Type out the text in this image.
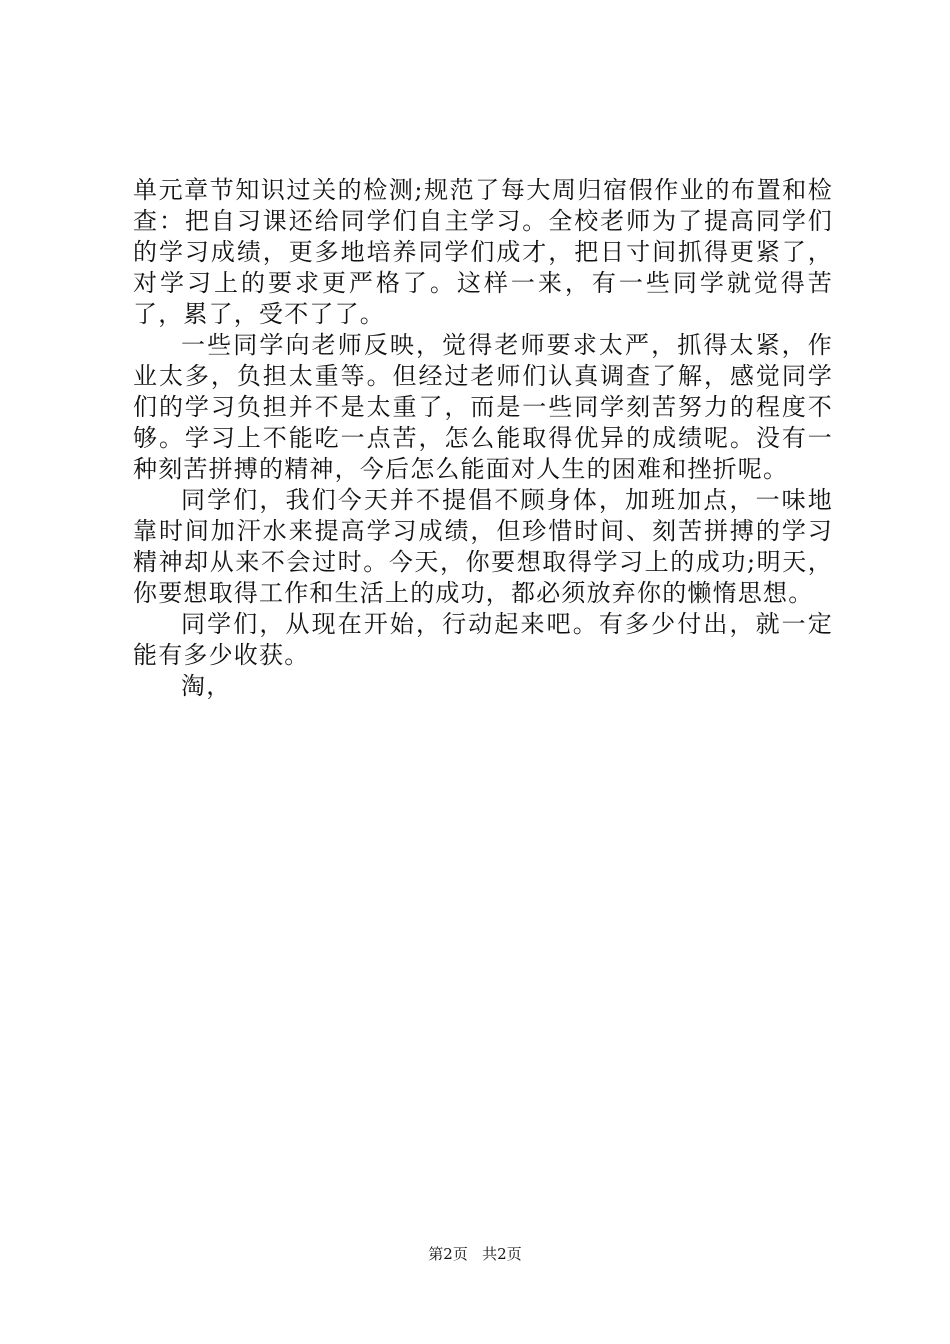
单元章节知识过关的检测;规范了每大周归宿假作业的布置和检查：把自习课还给同学们自主学习。全校老师为了提高同学们的学习成绩，更多地培养同学们成才，把日寸间抓得更紧了，对学习上的要求更严格了。这样一来，有一些同学就觉得苦了，累了，受不了了。

一些同学向老师反映，觉得老师要求太严，抓得太紧，作业太多，负担太重等。但经过老师们认真调查了解，感觉同学们的学习负担并不是太重了，而是一些同学刻苦努力的程度不够。学习上不能吃一点苦，怎么能取得优异的成绩呢。没有一种刻苦拼搏的精神，今后怎么能面对人生的困难和挫折呢。

同学们，我们今天并不提倡不顾身体，加班加点，一味地靠时间加汗水来提高学习成绩，但珍惜时间、刻苦拼搏的学习精神却从来不会过时。今天，你要想取得学习上的成功;明天，你要想取得工作和生活上的成功，都必须放弃你的懒惰思想。

同学们，从现在开始，行动起来吧。有多少付出，就一定能有多少收获。

淘，

第2页 共2页
